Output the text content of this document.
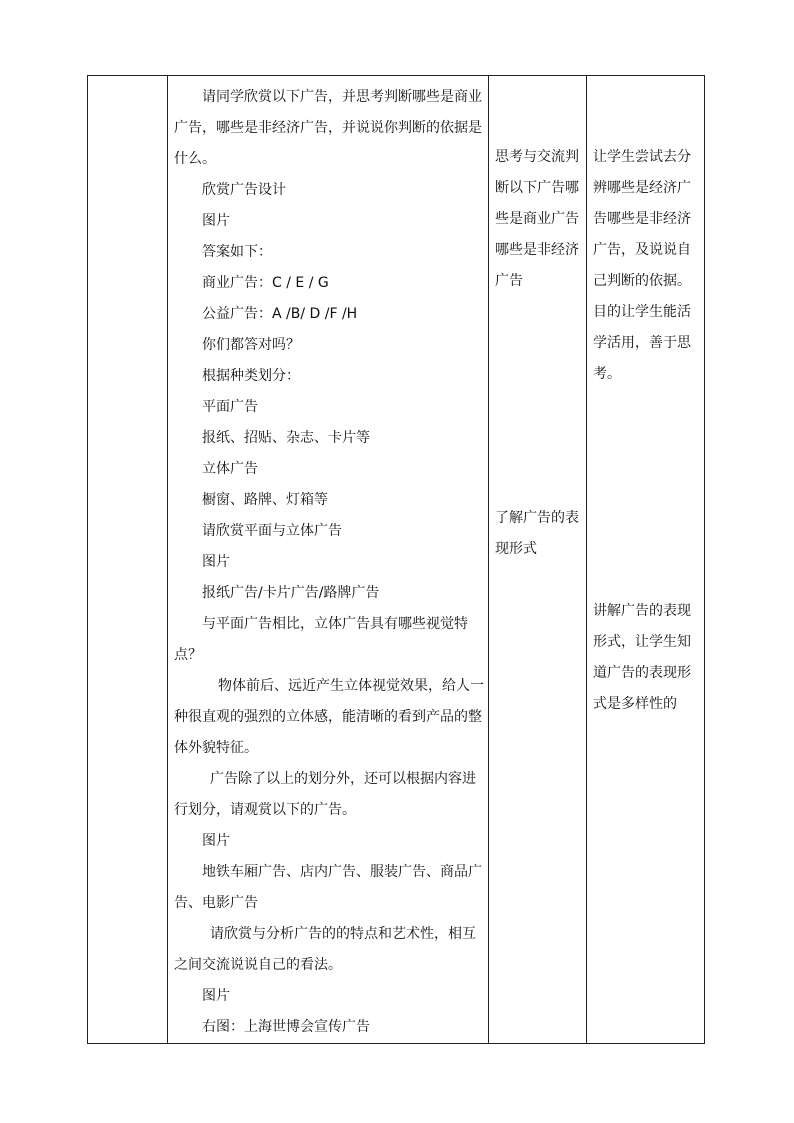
请同学欣赏以下广告，并思考判断哪些是商业
广告，哪些是非经济广告，并说说你判断的依据是
什么。
欣赏广告设计
图片
答案如下：
商业广告：C / E / G
公益广告：A /B/ D /F /H
你们都答对吗？
根据种类划分：
平面广告
报纸、招贴、杂志、卡片等
立体广告
橱窗、路牌、灯箱等
请欣赏平面与立体广告
图片
报纸广告/卡片广告/路牌广告
与平面广告相比，立体广告具有哪些视觉特
点？
物体前后、远近产生立体视觉效果，给人一
种很直观的强烈的立体感，能清晰的看到产品的整
体外貌特征。
广告除了以上的划分外，还可以根据内容进
行划分，请观赏以下的广告。
图片
地铁车厢广告、店内广告、服装广告、商品广
告、电影广告
请欣赏与分析广告的的特点和艺术性，相互
之间交流说说自己的看法。
图片
右图：上海世博会宣传广告

思考与交流判
断以下广告哪
些是商业广告
哪些是非经济
广告
了解广告的表
现形式

让学生尝试去分
辨哪些是经济广
告哪些是非经济
广告，及说说自
己判断的依据。
目的让学生能活
学活用，善于思
考。
讲解广告的表现
形式，让学生知
道广告的表现形
式是多样性的
